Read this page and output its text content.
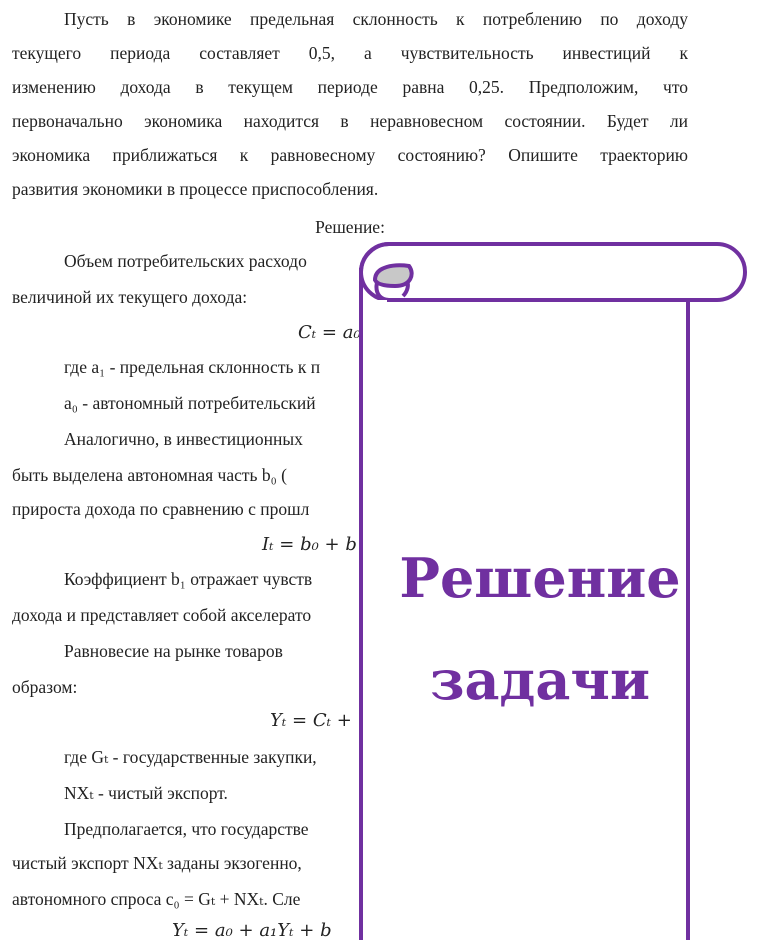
Пусть в экономике предельная склонность к потреблению по доходу

текущего периода составляет 0,5, а чувствительность инвестиций к

изменению дохода в текущем периоде равна 0,25. Предположим, что

первоначально экономика находится в неравновесном состоянии. Будет ли

экономика приближаться к равновесному состоянию? Опишите траекторию

развития экономики в процессе приспособления.

Решение:

Объем потребительских расходо

величиной их текущего дохода:

Cₜ = a₀

где a₁ - предельная склонность к п

a₀ - автономный потребительский

Аналогично, в инвестиционных

быть выделена автономная часть b₀ (

прироста дохода по сравнению с прошл

Iₜ = b₀ + b

Коэффициент b₁ отражает чувств

дохода и представляет собой акселерато

Равновесие на рынке товаров

образом:

Yₜ = Cₜ +

где Gₜ - государственные закупки,

NXₜ - чистый экспорт.

Предполагается, что государстве

чистый экспорт NXₜ заданы экзогенно,

автономного спроса c₀ = Gₜ + NXₜ. Сле

Yₜ = a₀ + a₁Yₜ + b
Решение
задачи
